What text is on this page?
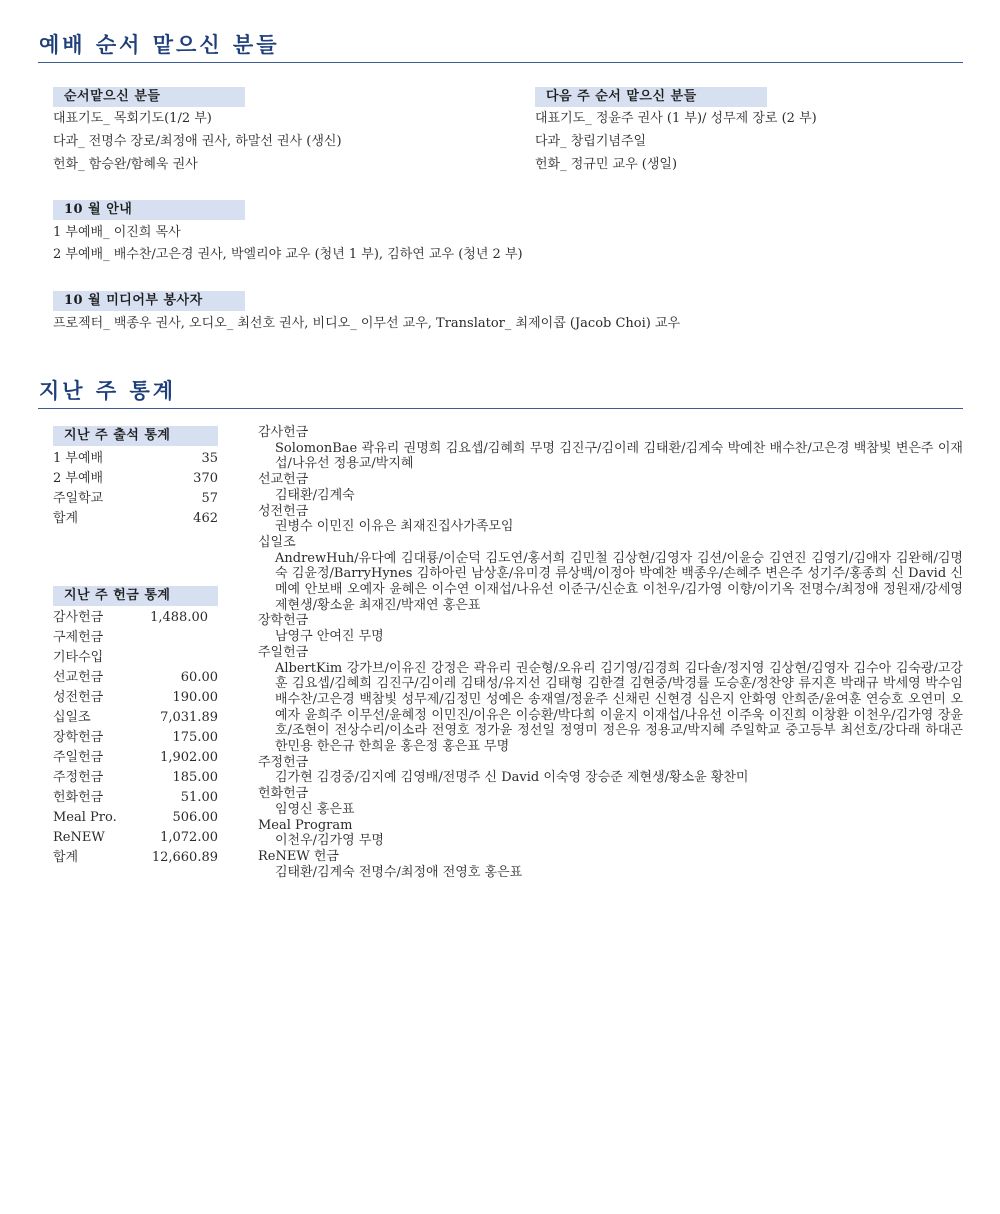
예배 순서 맡으신 분들
순서맡으신 분들
대표기도_ 목회기도(1/2 부)
다과_ 전명수 장로/최정애 권사, 하말선 권사 (생신)
헌화_ 함승완/함혜욱 권사
다음 주 순서 맡으신 분들
대표기도_ 정윤주 권사 (1 부)/ 성무제 장로 (2 부)
다과_ 창립기념주일
헌화_ 정규민 교우 (생일)
10 월 안내
1 부예배_ 이진희 목사
2 부예배_ 배수찬/고은경 권사, 박엘리야 교우 (청년 1 부), 김하연 교우 (청년 2 부)
10 월 미디어부 봉사자
프로젝터_ 백종우 권사, 오디오_ 최선호 권사, 비디오_ 이무선 교우, Translator_ 최제이콥 (Jacob Choi) 교우
지난 주 통계
지난 주 출석 통계
1 부예배	35
2 부예배	370
주일학교	57
합계	462
지난 주 헌금 통계
감사헌금	1,488.00
구제헌금
기타수입
선교헌금	60.00
성전헌금	190.00
십일조	7,031.89
장학헌금	175.00
주일헌금	1,902.00
주정헌금	185.00
헌화헌금	51.00
Meal Pro.	506.00
ReNEW	1,072.00
합계	12,660.89
감사헌금
SolomonBae 곽유리 권명희 김요셉/김혜희 무명 김진구/김이레 김태환/김계숙 박예찬 배수찬/고은경 백참빛 변은주 이재섭/나유선 정용교/박지혜
선교헌금
김태환/김계숙
성전헌금
권병수 이민진 이유은 최재진집사가족모임
십일조
AndrewHuh/유다예 김대룡/이순덕 김도연/홍서희 김민철 김상현/김영자 김션/이윤승 김연진 김영기/김애자 김완해/김명숙 김윤정/BarryHynes 김하아린 남상훈/유미경 류상백/이정아 박예찬 백종우/손혜주 변은주 성기주/홍종희 신 David 신메예 안보배 오예자 윤혜은 이수연 이재섭/나유선 이준구/신순효 이천우/김가영 이향/이기옥 전명수/최정애 정원재/강세영 제현생/황소윤 최재진/박재연 홍은표
장학헌금
남영구 안여진 무명
주일헌금
AlbertKim 강가브/이유진 강정은 곽유리 권순형/오유리 김기영/김경희 김다솔/정지영 김상현/김영자 김수아 김숙광/고강훈 김요셉/김혜희 김진구/김이레 김태성/유지선 김태형 김한결 김현중/박경률 도승훈/정찬양 류지흔 박래규 박세영 박수임 배수찬/고은경 백참빛 성무제/김정민 성예은 송재열/정윤주 신채린 신현경 심은지 안화영 안희준/윤여훈 연승호 오연미 오예자 윤희주 이무선/윤혜정 이민진/이유은 이승환/박다희 이윤지 이재섭/나유선 이주욱 이진희 이창환 이천우/김가영 장윤호/조현이 전상수리/이소라 전영호 정가윤 정선일 정영미 정은유 정용교/박지혜 주일학교 중고등부 최선호/강다래 하대곤 한민용 한은규 한희윤 홍은정 홍은표 무명
주정헌금
김가현 김경중/김지예 김영배/전명주 신 David 이숙영 장승준 제현생/황소윤 황찬미
헌화헌금
임영신 홍은표
Meal Program
이천우/김가영 무명
ReNEW 헌금
김태환/김계숙 전명수/최정애 전영호 홍은표
